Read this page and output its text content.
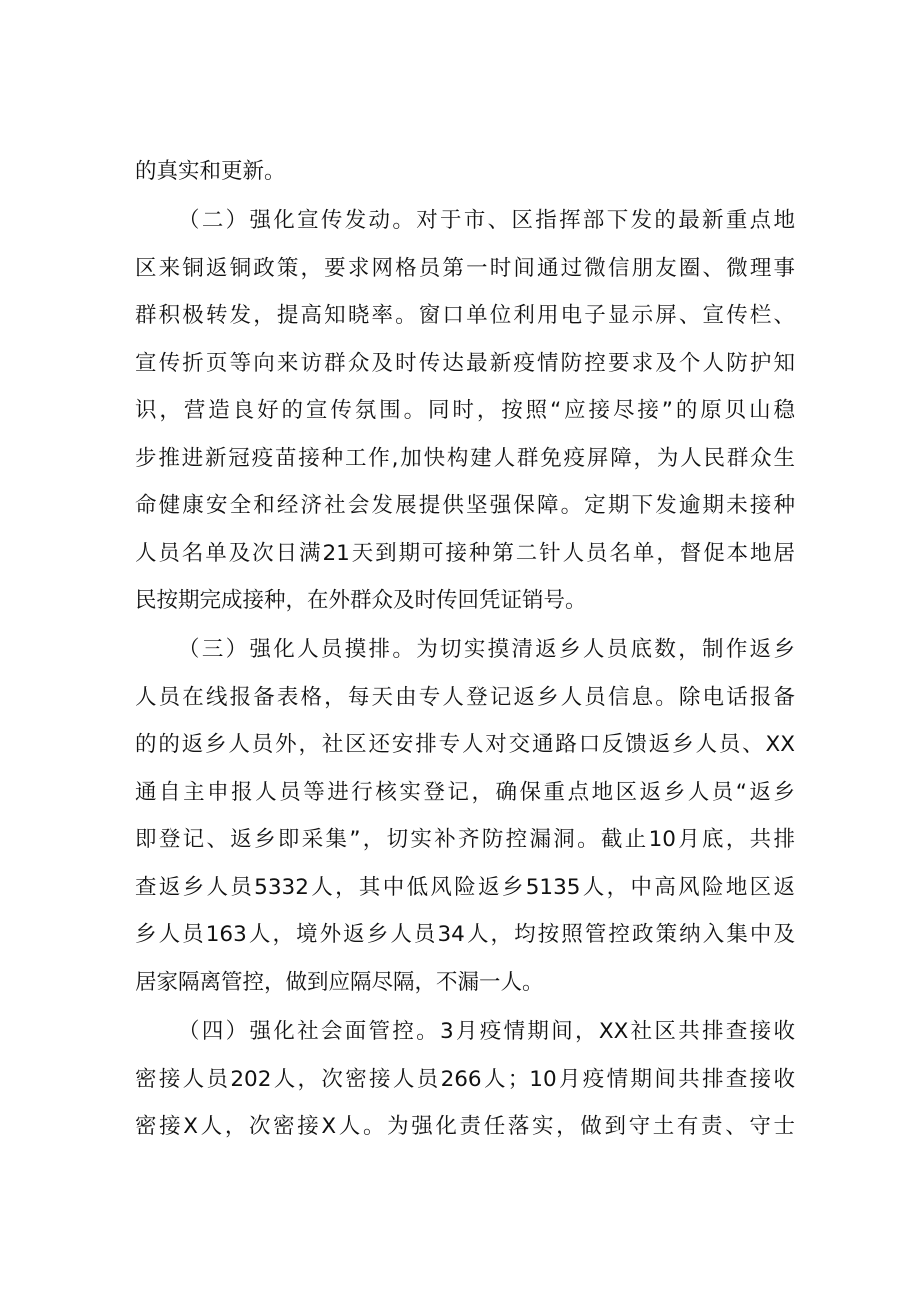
的真实和更新。
（二）强化宣传发动。对于市、区指挥部下发的最新重点地
区来铜返铜政策，要求网格员第一时间通过微信朋友圈、微理事
群积极转发，提高知晓率。窗口单位利用电子显示屏、宣传栏、
宣传折页等向来访群众及时传达最新疫情防控要求及个人防护知
识，营造良好的宣传氛围。同时，按照“应接尽接”的原贝山稳
步推进新冠疫苗接种工作,加快构建人群免疫屏障，为人民群众生
命健康安全和经济社会发展提供坚强保障。定期下发逾期未接种
人员名单及次日满21天到期可接种第二针人员名单，督促本地居
民按期完成接种，在外群众及时传回凭证销号。
（三）强化人员摸排。为切实摸清返乡人员底数，制作返乡
人员在线报备表格，每天由专人登记返乡人员信息。除电话报备
的的返乡人员外，社区还安排专人对交通路口反馈返乡人员、XX
通自主申报人员等进行核实登记，确保重点地区返乡人员“返乡
即登记、返乡即采集”，切实补齐防控漏洞。截止10月底，共排
查返乡人员5332人，其中低风险返乡5135人，中高风险地区返
乡人员163人，境外返乡人员34人，均按照管控政策纳入集中及
居家隔离管控，做到应隔尽隔，不漏一人。
（四）强化社会面管控。3月疫情期间，XX社区共排查接收
密接人员202人，次密接人员266人；10月疫情期间共排查接收
密接X人，次密接X人。为强化责任落实，做到守土有责、守士
